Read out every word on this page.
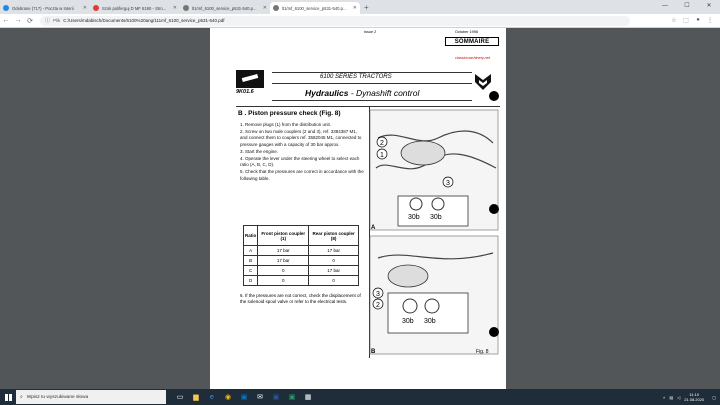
Odebrane (717) - Poczta w Interii	✕	Szok poliferguj D MF 6190 - Stro...	✕	lt1/mf_6100_service_p531-540.p...	✕	lt1/mf_6100_service_p531-540.p...	✕ +	—	☐	✕
← → ⟳	ⓘ Plik C:/Users/mdabisch/Documents/6100%20ang/111mf_6100_service_p531-540.pdf	☆	⬚	●	⋮
Issue 2	October 1996
SOMMAIRE
classicmachinery.net
9K01.6
6100 SERIES TRACTORS
Hydraulics - Dynashift control
B . Piston pressure check (Fig. 8)

1. Remove plugs (1) from the distribution unit.

2. Screw on two male couplers (2 and 3), ref. 3384387 M1, and connect them to couplers ref. 3582045 M1, connected to pressure gauges with a capacity of 30 bar approx.

3. Start the engine.

4. Operate the lever under the steering wheel to select each ratio (A, B, C, D).

5. Check that the pressures are correct in accordance with the following table.

Ratio	Front piston coupler (1)	Rear piston coupler (8)
A	17 bar	17 bar
B	17 bar	0
C	0	17 bar
D	0	0
6. If the pressures are not correct, check the displacement of the solenoid spool valve or refer to the electrical tests.
30b 30b
1
2
3
A
30b 30b
3
2
B	Fig. 8
⌕ Wpisz tu wyszukiwane słowa	▭	▆	e	◉	▣	✉	▣	▣	▦	˄ ▤ ◁	11:10
21.08.2020 ▢
